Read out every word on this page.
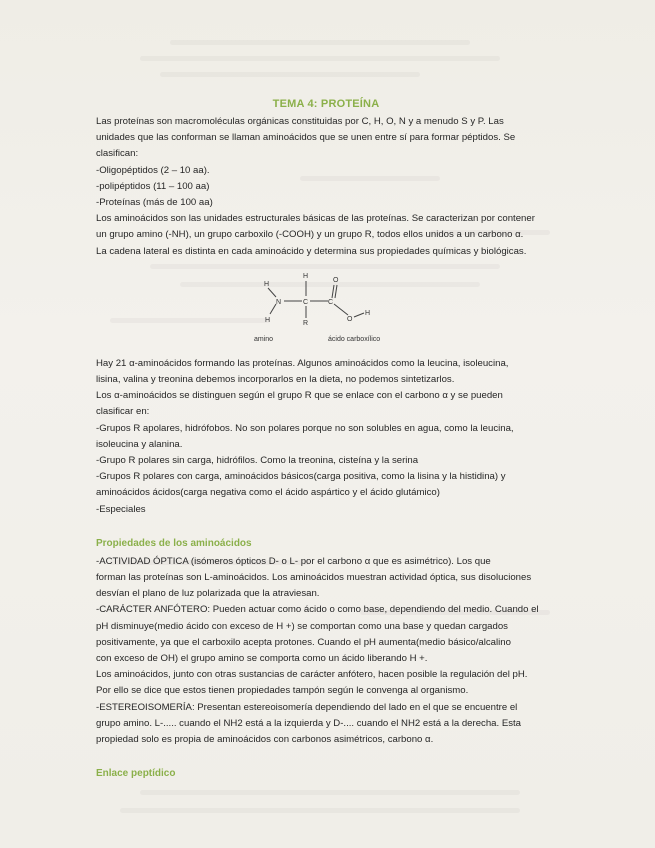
TEMA 4: PROTEÍNA

Las proteínas son macromoléculas orgánicas constituidas por C, H, O, N y a menudo S y P. Las

unidades que las conforman se llaman aminoácidos que se unen entre sí para formar péptidos. Se

clasifican:

-Oligopéptidos (2 – 10 aa).

-polipéptidos (11 – 100 aa)

-Proteínas (más de 100 aa)

Los aminoácidos son las unidades estructurales básicas de las proteínas. Se caracterizan por contener

un grupo amino (-NH), un grupo carboxilo (-COOH) y un grupo R, todos ellos unidos a un carbono α.

La cadena lateral es distinta en cada aminoácido y determina sus propiedades químicas y biológicas.

H
H
O
N	C	C
O
H
H	R
amino	ácido carboxílico

Hay 21 α-aminoácidos formando las proteínas. Algunos aminoácidos como la leucina, isoleucina,

lisina, valina y treonina debemos incorporarlos en la dieta, no podemos sintetizarlos.

Los α-aminoácidos se distinguen según el grupo R que se enlace con el carbono α y se pueden

clasificar en:

-Grupos R apolares, hidrófobos. No son polares porque no son solubles en agua, como la leucina,

isoleucina y alanina.

-Grupo R polares sin carga, hidrófilos. Como la treonina, cisteína y la serina

-Grupos R polares con carga, aminoácidos básicos(carga positiva, como la lisina y la histidina) y

aminoácidos ácidos(carga negativa como el ácido aspártico y el ácido glutámico)

-Especiales

Propiedades de los aminoácidos

-ACTIVIDAD ÓPTICA (isómeros ópticos D- o L- por el carbono α que es asimétrico). Los que

forman las proteínas son L-aminoácidos. Los aminoácidos muestran actividad óptica, sus disoluciones

desvían el plano de luz polarizada que la atraviesan.

-CARÁCTER ANFÓTERO: Pueden actuar como ácido o como base, dependiendo del medio. Cuando el

pH disminuye(medio ácido con exceso de H +) se comportan como una base y quedan cargados

positivamente, ya que el carboxilo acepta protones. Cuando el pH aumenta(medio básico/alcalino

con exceso de OH) el grupo amino se comporta como un ácido liberando H +.

Los aminoácidos, junto con otras sustancias de carácter anfótero, hacen posible la regulación del pH.

Por ello se dice que estos tienen propiedades tampón según le convenga al organismo.

-ESTEREOISOMERÍA: Presentan estereoisomería dependiendo del lado en el que se encuentre el

grupo amino. L-..... cuando el NH2 está a la izquierda y D-.... cuando el NH2 está a la derecha. Esta

propiedad solo es propia de aminoácidos con carbonos asimétricos, carbono α.

Enlace peptídico
